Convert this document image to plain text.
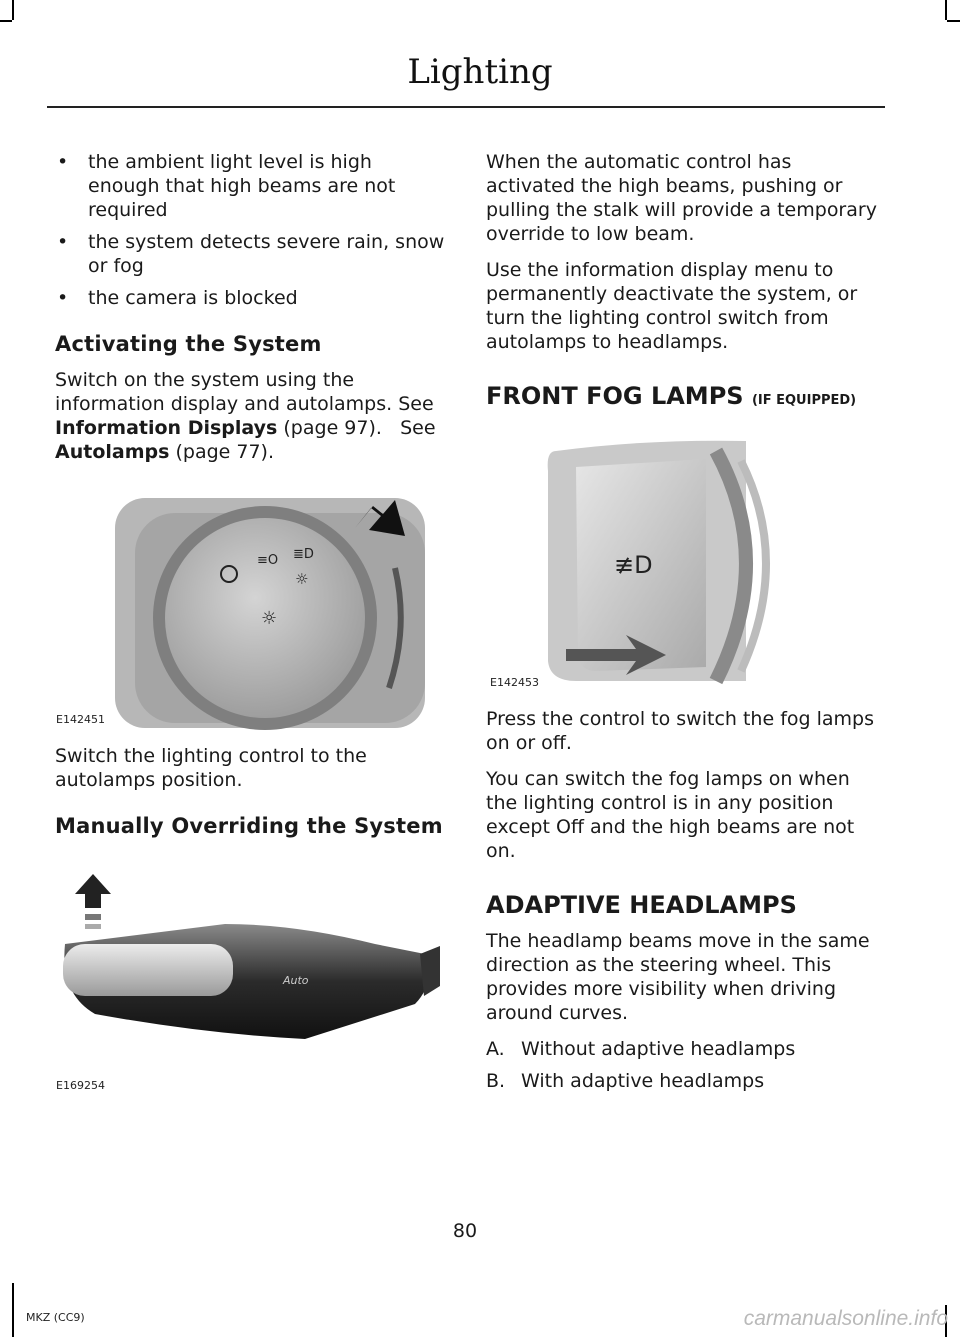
Lighting
• the ambient light level is high enough that high beams are not required
• the system detects severe rain, snow or fog
• the camera is blocked
Activating the System

Switch on the system using the information display and autolamps. See Information Displays (page 97). See Autolamps (page 77).

≡O ≣D
☼
☼
E142451

Switch the lighting control to the autolamps position.

Manually Overriding the System
Auto
E169254

When the automatic control has activated the high beams, pushing or pulling the stalk will provide a temporary override to low beam.

Use the information display menu to permanently deactivate the system, or turn the lighting control switch from autolamps to headlamps.

FRONT FOG LAMPS (IF EQUIPPED)
≢D
E142453

Press the control to switch the fog lamps on or off.

You can switch the fog lamps on when the lighting control is in any position except Off and the high beams are not on.

ADAPTIVE HEADLAMPS

The headlamp beams move in the same direction as the steering wheel. This provides more visibility when driving around curves.

A. Without adaptive headlamps
B. With adaptive headlamps
80
MKZ (CC9)	carmanualsonline.info
